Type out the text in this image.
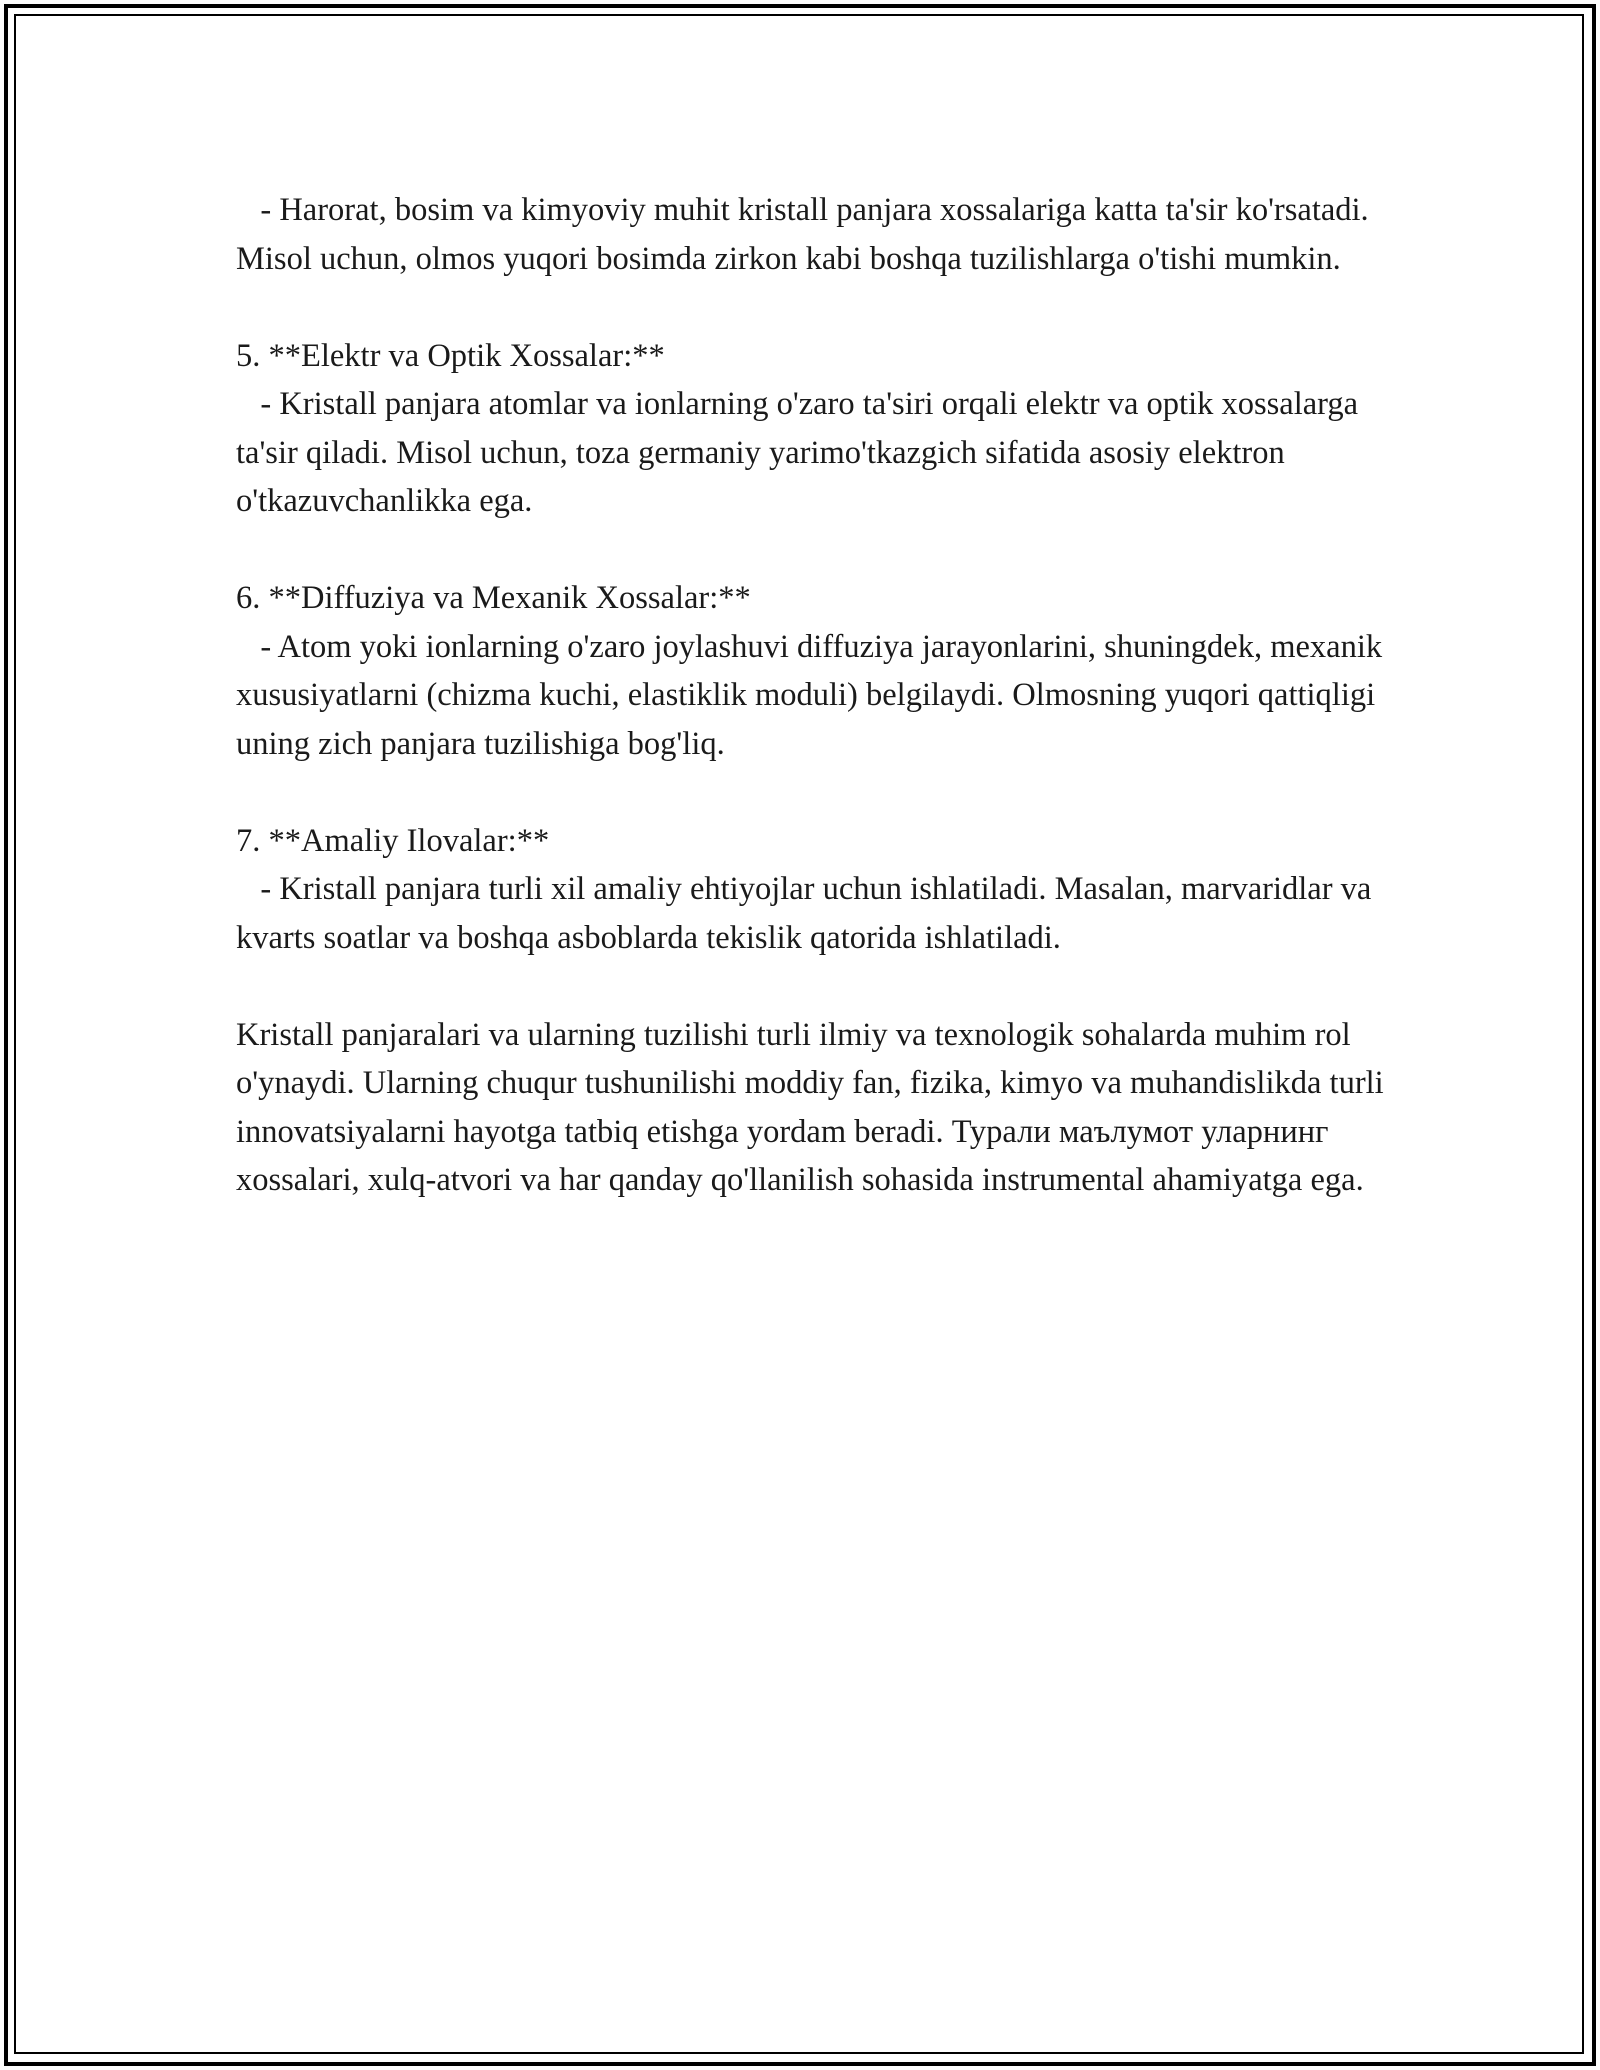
- Harorat, bosim va kimyoviy muhit kristall panjara xossalariga katta ta'sir ko'rsatadi. Misol uchun, olmos yuqori bosimda zirkon kabi boshqa tuzilishlarga o'tishi mumkin.

5. **Elektr va Optik Xossalar:**

- Kristall panjara atomlar va ionlarning o'zaro ta'siri orqali elektr va optik xossalarga ta'sir qiladi. Misol uchun, toza germaniy yarimo'tkazgich sifatida asosiy elektron o'tkazuvchanlikka ega.

6. **Diffuziya va Mexanik Xossalar:**

- Atom yoki ionlarning o'zaro joylashuvi diffuziya jarayonlarini, shuningdek, mexanik xususiyatlarni (chizma kuchi, elastiklik moduli) belgilaydi. Olmosning yuqori qattiqligi uning zich panjara tuzilishiga bog'liq.

7. **Amaliy Ilovalar:**

- Kristall panjara turli xil amaliy ehtiyojlar uchun ishlatiladi. Masalan, marvaridlar va kvarts soatlar va boshqa asboblarda tekislik qatorida ishlatiladi.

Kristall panjaralari va ularning tuzilishi turli ilmiy va texnologik sohalarda muhim rol o'ynaydi. Ularning chuqur tushunilishi moddiy fan, fizika, kimyo va muhandislikda turli innovatsiyalarni hayotga tatbiq etishga yordam beradi. Турали маълумот уларнинг xossalari, xulq-atvori va har qanday qo'llanilish sohasida instrumental ahamiyatga ega.
